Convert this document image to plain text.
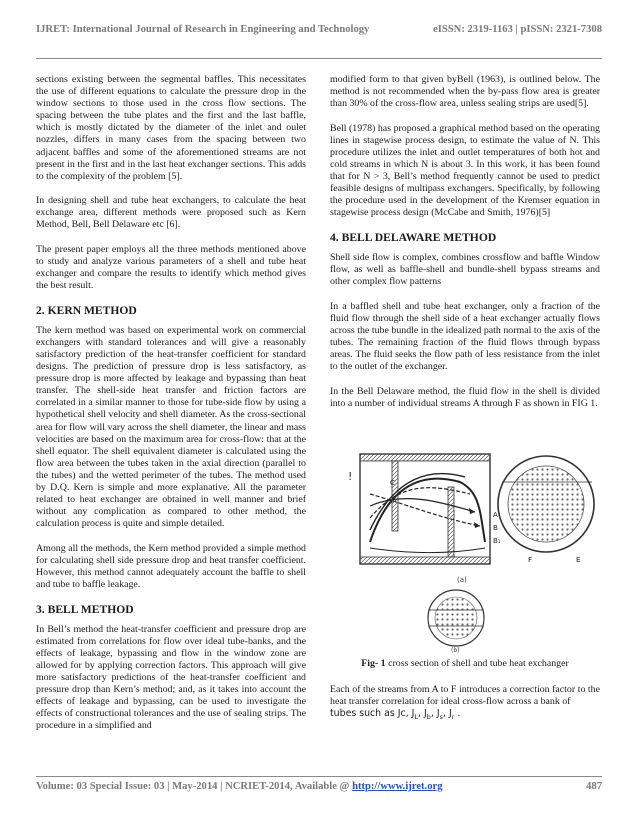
IJRET: International Journal of Research in Engineering and Technology	eISSN: 2319-1163 | pISSN: 2321-7308

sections existing between the segmental baffles. This necessitates the use of different equations to calculate the pressure drop in the window sections to those used in the cross flow sections. The spacing between the tube plates and the first and the last baffle, which is mostly dictated by the diameter of the inlet and oulet nozzles, differs in many cases from the spacing between two adjacent baffles and some of the aforementioned streams are not present in the first and in the last heat exchanger sections. This adds to the complexity of the problem [5].

In designing shell and tube heat exchangers, to calculate the heat exchange area, different methods were proposed such as Kern Method, Bell, Bell Delaware etc [6].

The present paper employs all the three methods mentioned above to study and analyze various parameters of a shell and tube heat exchanger and compare the results to identify which method gives the best result.

2. KERN METHOD

The kern method was based on experimental work on commercial exchangers with standard tolerances and will give a reasonably satisfactory prediction of the heat-transfer coefficient for standard designs. The prediction of pressure drop is less satisfactory, as pressure drop is more affected by leakage and bypassing than heat transfer. The shell-side heat transfer and friction factors are correlated in a similar manner to those for tube-side flow by using a hypothetical shell velocity and shell diameter. As the cross-sectional area for flow will vary across the shell diameter, the linear and mass velocities are based on the maximum area for cross-flow: that at the shell equator. The shell equivalent diameter is calculated using the flow area between the tubes taken in the axial direction (parallel to the tubes) and the wetted perimeter of the tubes. The method used by D.Q. Kern is simple and more explanative. All the parameter related to heat exchanger are obtained in well manner and brief without any complication as compared to other method, the calculation process is quite and simple detailed.

Among all the methods, the Kern method provided a simple method for calculating shell side pressure drop and heat transfer coefficient. However, this method cannot adequately account the baffle to shell and tube to baffle leakage.

3. BELL METHOD

In Bell’s method the heat-transfer coefficient and pressure drop are estimated from correlations for flow over ideal tube-banks, and the effects of leakage, bypassing and flow in the window zone are allowed for by applying correction factors. This approach will give more satisfactory predictions of the heat-transfer coefficient and pressure drop than Kern’s method; and, as it takes into account the effects of leakage and bypassing, can be used to investigate the effects of constructional tolerances and the use of sealing strips. The procedure in a simplified and

modified form to that given byBell (1963), is outlined below. The method is not recommended when the by-pass flow area is greater than 30% of the cross-flow area, unless sealing strips are used[5].

Bell (1978) has proposed a graphical method based on the operating lines in stagewise process design, to estimate the value of N. This procedure utilizes the inlet and outlet temperatures of both hot and cold streams in which N is about 3. In this work, it has been found that for N > 3, Bell’s method frequently cannot be used to predict feasible designs of multipass exchangers. Specifically, by following the procedure used in the development of the Kremser equation in stagewise process design (McCabe and Smith, 1976)[5]

4. BELL DELAWARE METHOD

Shell side flow is complex, combines crossflow and baffle Window flow, as well as baffle-shell and bundle-shell bypass streams and other complex flow patterns

In a baffled shell and tube heat exchanger, only a fraction of the fluid flow through the shell side of a heat exchanger actually flows across the tube bundle in the idealized path normal to the axis of the tubes. The remaining fraction of the fluid flows through bypass areas. The fluid seeks the flow path of less resistance from the inlet to the outlet of the exchanger.

In the Bell Delaware method, the fluid flow in the shell is divided into a number of individual streams A through F as shown in FIG 1.

!	C
A
B
B₁
E
F
(a)
(b)
Fig- 1 cross section of shell and tube heat exchanger

Each of the streams from A to F introduces a correction factor to the heat transfer correlation for ideal cross-flow across a bank of

tubes such as Jc, $J_L$, $J_b$, $J_s$, $J_r$ .
Volume: 03 Special Issue: 03 | May-2014 | NCRIET-2014, Available @ http://www.ijret.org	487
